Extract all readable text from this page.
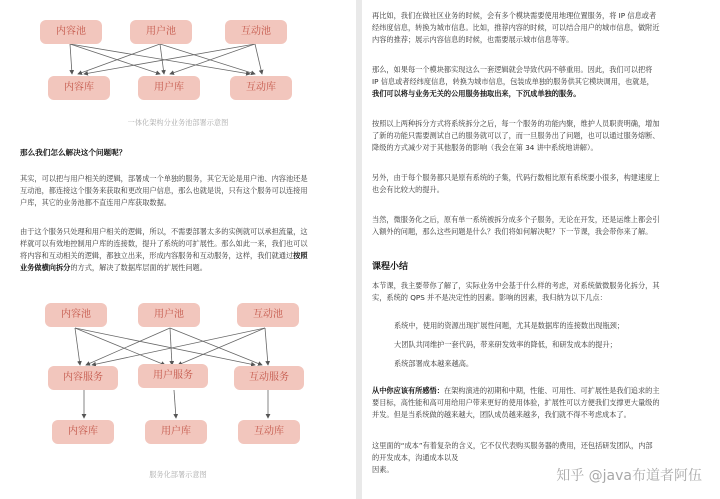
内容池	用户池	互动池
内容库	用户库	互动库
一体化架构分业务池部署示意图
那么我们怎么解决这个问题呢？
其实，可以把与用户相关的逻辑，部署成一个单独的服务，其它无论是用户池、内容池还是
互动池，都连接这个服务来获取和更改用户信息，那么也就是说，只有这个服务可以连接用
户库，其它的业务池都不直连用户库获取数据。
由于这个服务只处理和用户相关的逻辑，所以，不需要部署太多的实例就可以承担流量，这
样就可以有效地控制用户库的连接数，提升了系统的可扩展性。那么如此一来，我们也可以
将内容和互动相关的逻辑，都独立出来，形成内容服务和互动服务，这样，我们就通过按照
业务做横向拆分的方式，解决了数据库层面的扩展性问题。
内容池	用户池	互动池
内容服务	用户服务	互动服务
内容库	用户库	互动库
服务化部署示意图
再比如，我们在做社区业务的时候，会有多个模块需要使用地理位置服务，将 IP 信息或者
经纬度信息，转换为城市信息。比如，推荐内容的时候，可以结合用户的城市信息，做附近
内容的推荐；展示内容信息的时候，也需要展示城市信息等等。
那么，如果每一个模块都实现这么一套逻辑就会导致代码不够重用。因此，我们可以把将
IP 信息或者经纬度信息，转换为城市信息，包装成单独的服务供其它模块调用，也就是，
我们可以将与业务无关的公用服务抽取出来，下沉成单独的服务。
按照以上两种拆分方式将系统拆分之后，每一个服务的功能内聚，维护人员职责明确，增加
了新的功能只需要测试自己的服务就可以了，而一旦服务出了问题，也可以通过服务熔断、
降级的方式减少对于其他服务的影响（我会在第 34 讲中系统地讲解）。
另外，由于每个服务都只是原有系统的子集，代码行数相比原有系统要小很多，构建速度上
也会有比较大的提升。
当然，微服务化之后，原有单一系统被拆分成多个子服务，无论在开发，还是运维上都会引
入额外的问题，那么这些问题是什么？我们将如何解决呢？下一节课，我会带你来了解。
课程小结
本节课，我主要带你了解了，实际业务中会基于什么样的考虑，对系统做微服务化拆分，其
实，系统的 QPS 并不是决定性的因素。影响的因素，我归纳为以下几点：
系统中，使用的资源出现扩展性问题，尤其是数据库的连接数出现瓶颈；
大团队共同维护一套代码，带来研发效率的降低，和研发成本的提升；
系统部署成本越来越高。
从中你应该有所感悟：在架构演进的初期和中期，性能、可用性、可扩展性是我们追求的主
要目标，高性能和高可用给用户带来更好的使用体验，扩展性可以方便我们支撑更大量级的
并发。但是当系统做的越来越大，团队成员越来越多，我们就不得不考虑成本了。
这里面的“成本”有着复杂的含义，它不仅代表购买服务器的费用，还包括研发团队，内部
的开发成本，沟通成本以及
因素。	知乎 @java布道者阿伍
